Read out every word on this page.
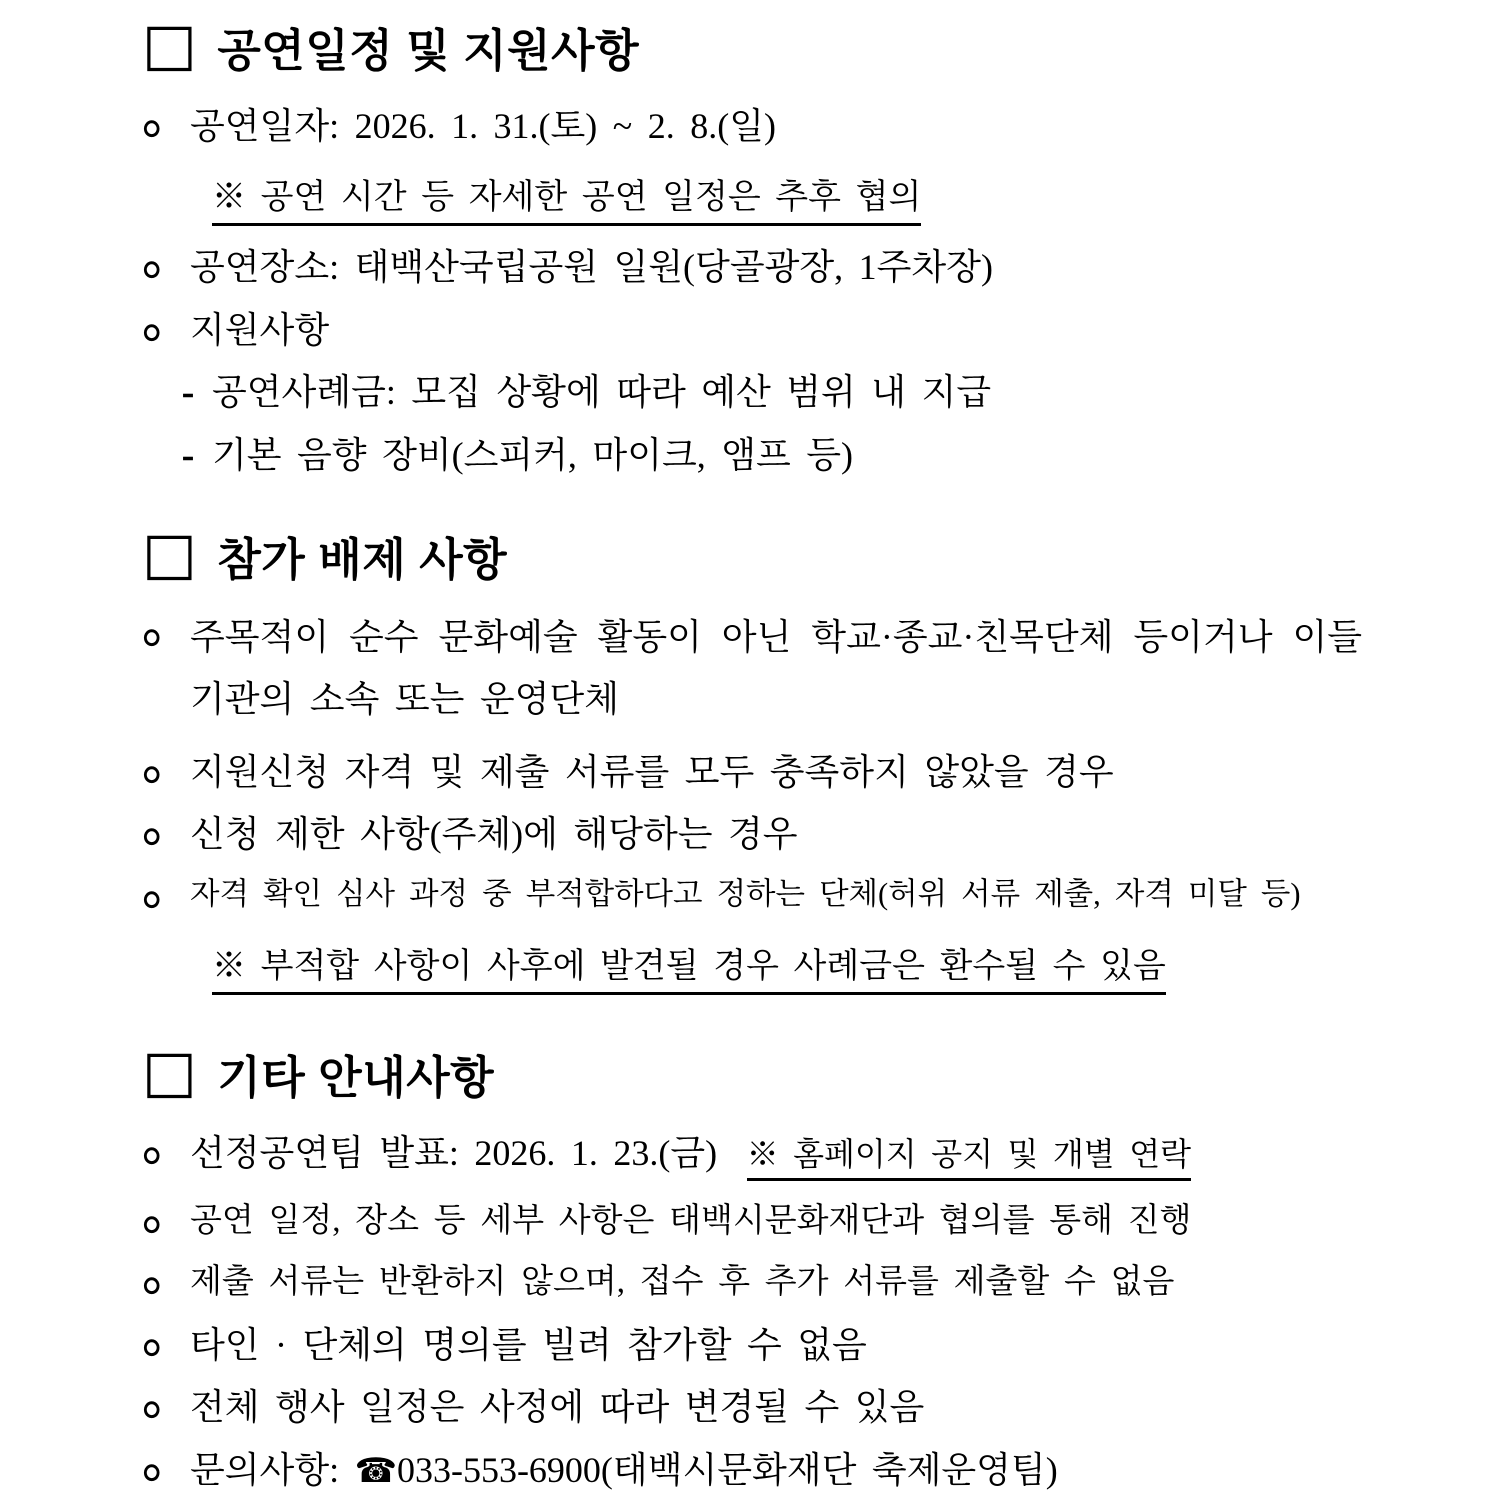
□ 공연일정 및 지원사항
○ 공연일자: 2026. 1. 31.(토) ~ 2. 8.(일)
※ 공연 시간 등 자세한 공연 일정은 추후 협의
○ 공연장소: 태백산국립공원 일원(당골광장, 1주차장)
○ 지원사항
- 공연사례금: 모집 상황에 따라 예산 범위 내 지급
- 기본 음향 장비(스피커, 마이크, 앰프 등)
□ 참가 배제 사항
○ 주목적이 순수 문화예술 활동이 아닌 학교·종교·친목단체 등이거나 이들 기관의 소속 또는 운영단체
○ 지원신청 자격 및 제출 서류를 모두 충족하지 않았을 경우
○ 신청 제한 사항(주체)에 해당하는 경우
○ 자격 확인 심사 과정 중 부적합하다고 정하는 단체(허위 서류 제출, 자격 미달 등)
※ 부적합 사항이 사후에 발견될 경우 사례금은 환수될 수 있음
□ 기타 안내사항
○ 선정공연팀 발표: 2026. 1. 23.(금) ※ 홈페이지 공지 및 개별 연락
○ 공연 일정, 장소 등 세부 사항은 태백시문화재단과 협의를 통해 진행
○ 제출 서류는 반환하지 않으며, 접수 후 추가 서류를 제출할 수 없음
○ 타인 · 단체의 명의를 빌려 참가할 수 없음
○ 전체 행사 일정은 사정에 따라 변경될 수 있음
○ 문의사항: ☎033-553-6900(태백시문화재단 축제운영팀)
